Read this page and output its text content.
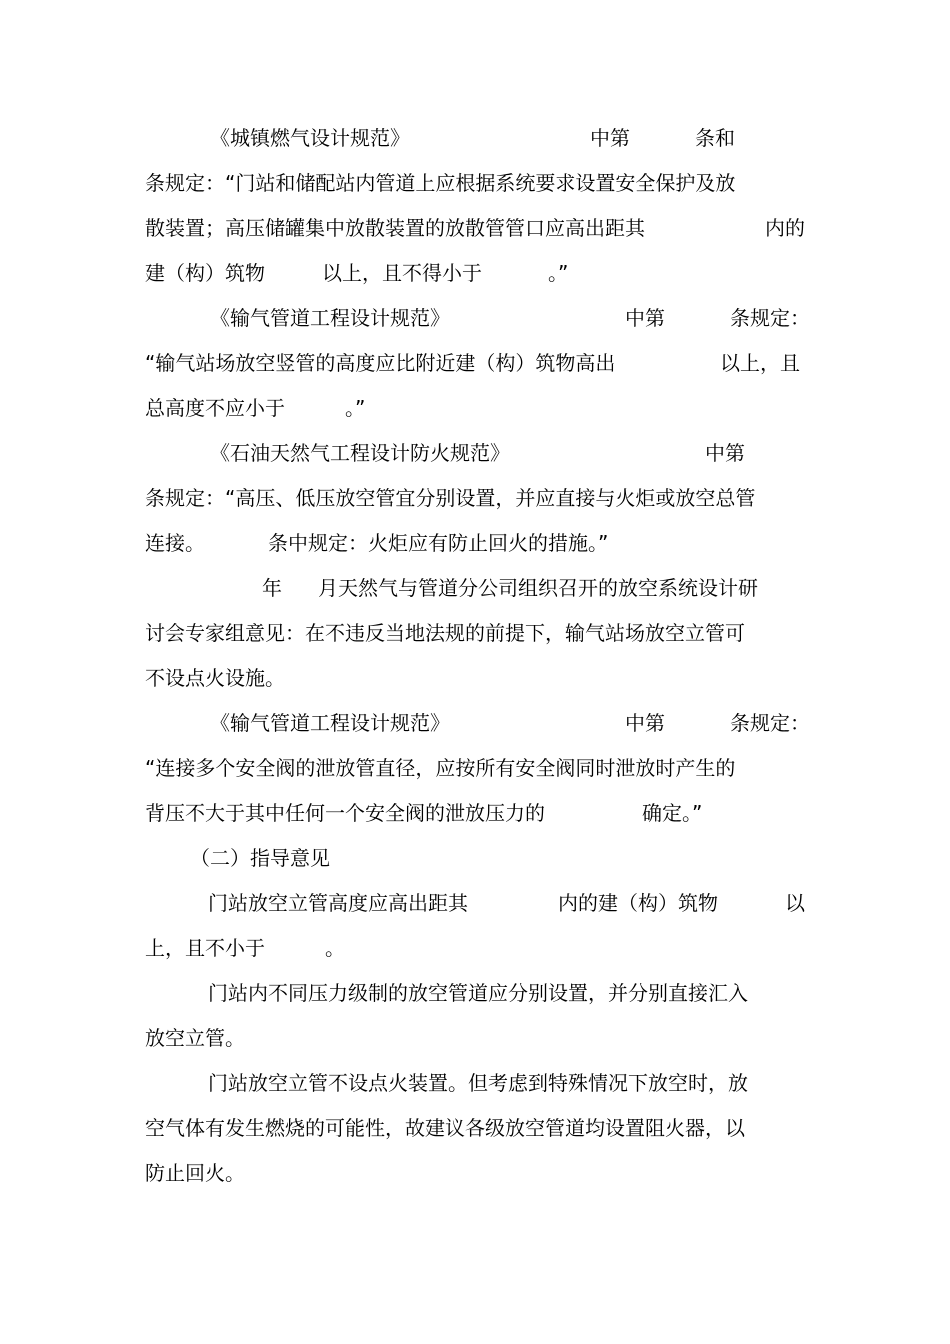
《城镇燃气设计规范》	中第	条和
条规定：“门站和储配站内管道上应根据系统要求设置安全保护及放
散装置；高压储罐集中放散装置的放散管管口应高出距其	内的
建（构）筑物	以上，且不得小于	。”
《输气管道工程设计规范》	中第	条规定：
“输气站场放空竖管的高度应比附近建（构）筑物高出	以上，且
总高度不应小于	。”
《石油天然气工程设计防火规范》	中第
条规定：“高压、低压放空管宜分别设置，并应直接与火炬或放空总管
连接。	条中规定：火炬应有防止回火的措施。”
年 月天然气与管道分公司组织召开的放空系统设计研
讨会专家组意见：在不违反当地法规的前提下，输气站场放空立管可
不设点火设施。
《输气管道工程设计规范》	中第	条规定：
“连接多个安全阀的泄放管直径，应按所有安全阀同时泄放时产生的
背压不大于其中任何一个安全阀的泄放压力的	确定。”
（二）指导意见
门站放空立管高度应高出距其	内的建（构）筑物	以
上，且不小于	。
门站内不同压力级制的放空管道应分别设置，并分别直接汇入
放空立管。
门站放空立管不设点火装置。但考虑到特殊情况下放空时，放
空气体有发生燃烧的可能性，故建议各级放空管道均设置阻火器，以
防止回火。
